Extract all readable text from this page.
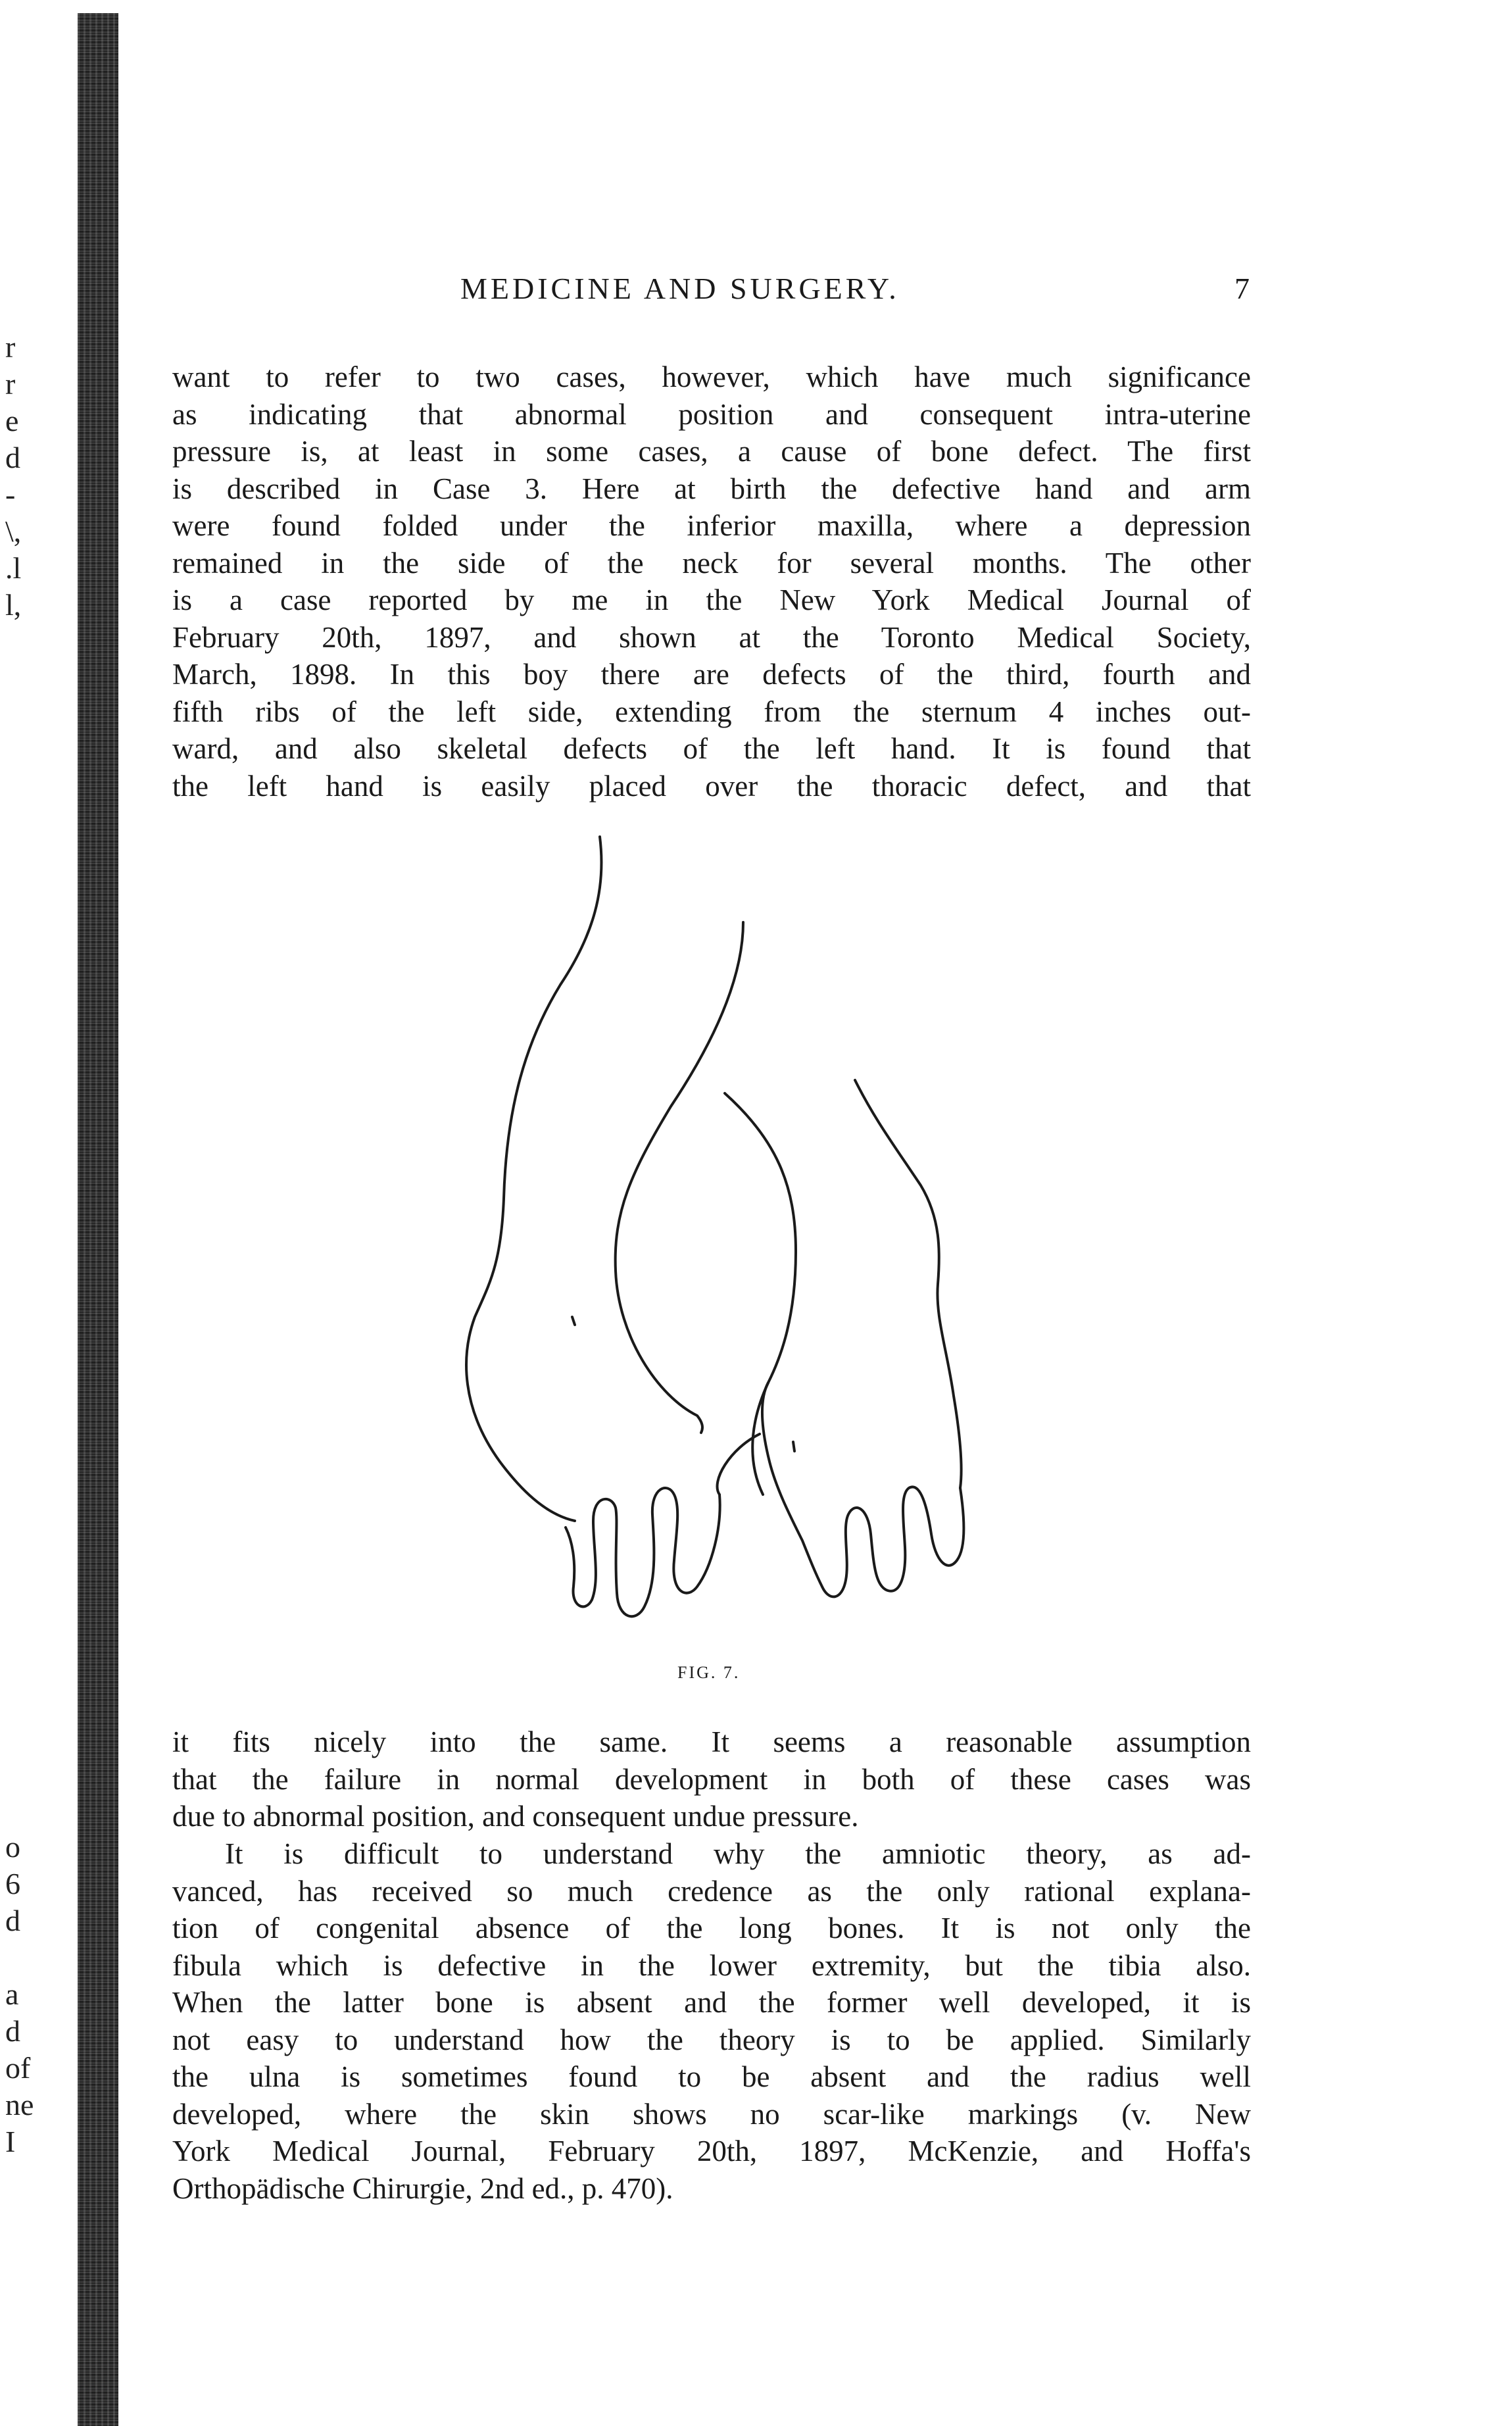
r
r
e
d
-
\,
.l
l,
o
6
d

a
d
of
ne
I
MEDICINE AND SURGERY.	7
want to refer to two cases, however, which have much significance
as indicating that abnormal position and consequent intra-uterine
pressure is, at least in some cases, a cause of bone defect. The first
is described in Case 3. Here at birth the defective hand and arm
were found folded under the inferior maxilla, where a depression
remained in the side of the neck for several months. The other
is a case reported by me in the New York Medical Journal of
February 20th, 1897, and shown at the Toronto Medical Society,
March, 1898. In this boy there are defects of the third, fourth and
fifth ribs of the left side, extending from the sternum 4 inches out-
ward, and also skeletal defects of the left hand. It is found that
the left hand is easily placed over the thoracic defect, and that
FIG. 7.
it fits nicely into the same. It seems a reasonable assumption
that the failure in normal development in both of these cases was
due to abnormal position, and consequent undue pressure.
It is difficult to understand why the amniotic theory, as ad-
vanced, has received so much credence as the only rational explana-
tion of congenital absence of the long bones. It is not only the
fibula which is defective in the lower extremity, but the tibia also.
When the latter bone is absent and the former well developed, it is
not easy to understand how the theory is to be applied. Similarly
the ulna is sometimes found to be absent and the radius well
developed, where the skin shows no scar-like markings (v. New
York Medical Journal, February 20th, 1897, McKenzie, and Hoffa's
Orthopädische Chirurgie, 2nd ed., p. 470).
